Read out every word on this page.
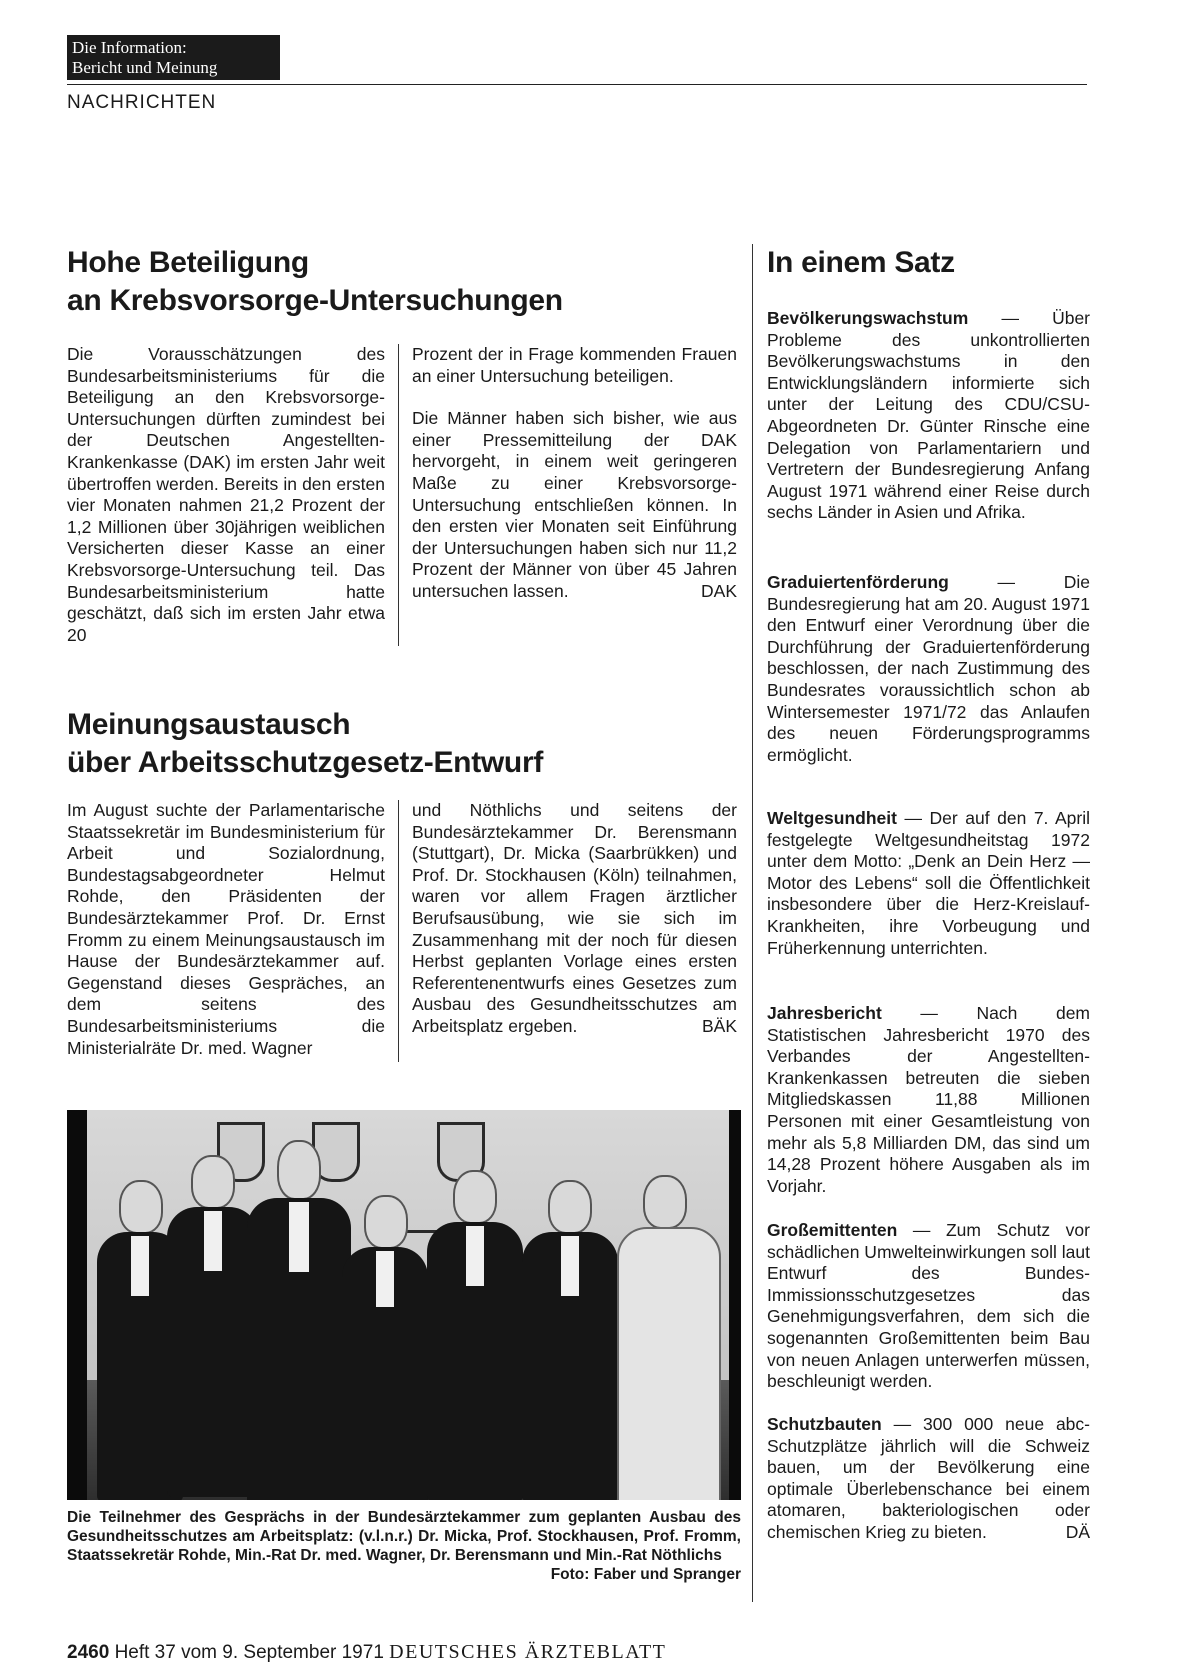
Die Information:
Bericht und Meinung
NACHRICHTEN
Hohe Beteiligung
an Krebsvorsorge-Untersuchungen

Die Vorausschätzungen des Bundesarbeitsministeriums für die Beteiligung an den Krebsvorsorge-Untersuchungen dürften zumindest bei der Deutschen Angestellten-Krankenkasse (DAK) im ersten Jahr weit übertroffen werden. Bereits in den ersten vier Monaten nahmen 21,2 Prozent der 1,2 Millionen über 30jährigen weiblichen Versicherten dieser Kasse an einer Krebsvorsorge-Untersuchung teil. Das Bundesarbeitsministerium hatte geschätzt, daß sich im ersten Jahr etwa 20

Prozent der in Frage kommenden Frauen an einer Untersuchung beteiligen.

Die Männer haben sich bisher, wie aus einer Pressemitteilung der DAK hervorgeht, in einem weit geringeren Maße zu einer Krebsvorsorge-Untersuchung entschließen können. In den ersten vier Monaten seit Einführung der Untersuchungen haben sich nur 11,2 Prozent der Männer von über 45 Jahren untersuchen lassen.	DAK

Meinungsaustausch
über Arbeitsschutzgesetz-Entwurf

Im August suchte der Parlamentarische Staatssekretär im Bundesministerium für Arbeit und Sozialordnung, Bundestagsabgeordneter Helmut Rohde, den Präsidenten der Bundesärztekammer Prof. Dr. Ernst Fromm zu einem Meinungsaustausch im Hause der Bundesärztekammer auf. Gegenstand dieses Gespräches, an dem seitens des Bundesarbeitsministeriums die Ministerialräte Dr. med. Wagner

und Nöthlichs und seitens der Bundesärztekammer Dr. Berensmann (Stuttgart), Dr. Micka (Saarbrükken) und Prof. Dr. Stockhausen (Köln) teilnahmen, waren vor allem Fragen ärztlicher Berufsausübung, wie sie sich im Zusammenhang mit der noch für diesen Herbst geplanten Vorlage eines ersten Referentenentwurfs eines Gesetzes zum Ausbau des Gesundheitsschutzes am Arbeitsplatz ergeben.	BÄK

Die Teilnehmer des Gesprächs in der Bundesärztekammer zum geplanten Ausbau des Gesundheitsschutzes am Arbeitsplatz: (v.l.n.r.) Dr. Micka, Prof. Stockhausen, Prof. Fromm, Staatssekretär Rohde, Min.-Rat Dr. med. Wagner, Dr. Berensmann und Min.-Rat Nöthlichs
Foto: Faber und Spranger
2460 Heft 37 vom 9. September 1971 DEUTSCHES ÄRZTEBLATT
In einem Satz

Bevölkerungswachstum — Über Probleme des unkontrollierten Bevölkerungswachstums in den Entwicklungsländern informierte sich unter der Leitung des CDU/CSU-Abgeordneten Dr. Günter Rinsche eine Delegation von Parlamentariern und Vertretern der Bundesregierung Anfang August 1971 während einer Reise durch sechs Länder in Asien und Afrika.

Graduiertenförderung — Die Bundesregierung hat am 20. August 1971 den Entwurf einer Verordnung über die Durchführung der Graduiertenförderung beschlossen, der nach Zustimmung des Bundesrates voraussichtlich schon ab Wintersemester 1971/72 das Anlaufen des neuen Förderungsprogramms ermöglicht.

Weltgesundheit — Der auf den 7. April festgelegte Weltgesundheitstag 1972 unter dem Motto: „Denk an Dein Herz — Motor des Lebens“ soll die Öffentlichkeit insbesondere über die Herz-Kreislauf-Krankheiten, ihre Vorbeugung und Früherkennung unterrichten.

Jahresbericht — Nach dem Statistischen Jahresbericht 1970 des Verbandes der Angestellten-Krankenkassen betreuten die sieben Mitgliedskassen 11,88 Millionen Personen mit einer Gesamtleistung von mehr als 5,8 Milliarden DM, das sind um 14,28 Prozent höhere Ausgaben als im Vorjahr.

Großemittenten — Zum Schutz vor schädlichen Umwelteinwirkungen soll laut Entwurf des Bundes-Immissionsschutzgesetzes das Genehmigungsverfahren, dem sich die sogenannten Großemittenten beim Bau von neuen Anlagen unterwerfen müssen, beschleunigt werden.

Schutzbauten — 300 000 neue abc-Schutzplätze jährlich will die Schweiz bauen, um der Bevölkerung eine optimale Überlebenschance bei einem atomaren, bakteriologischen oder chemischen Krieg zu bieten.	DÄ
